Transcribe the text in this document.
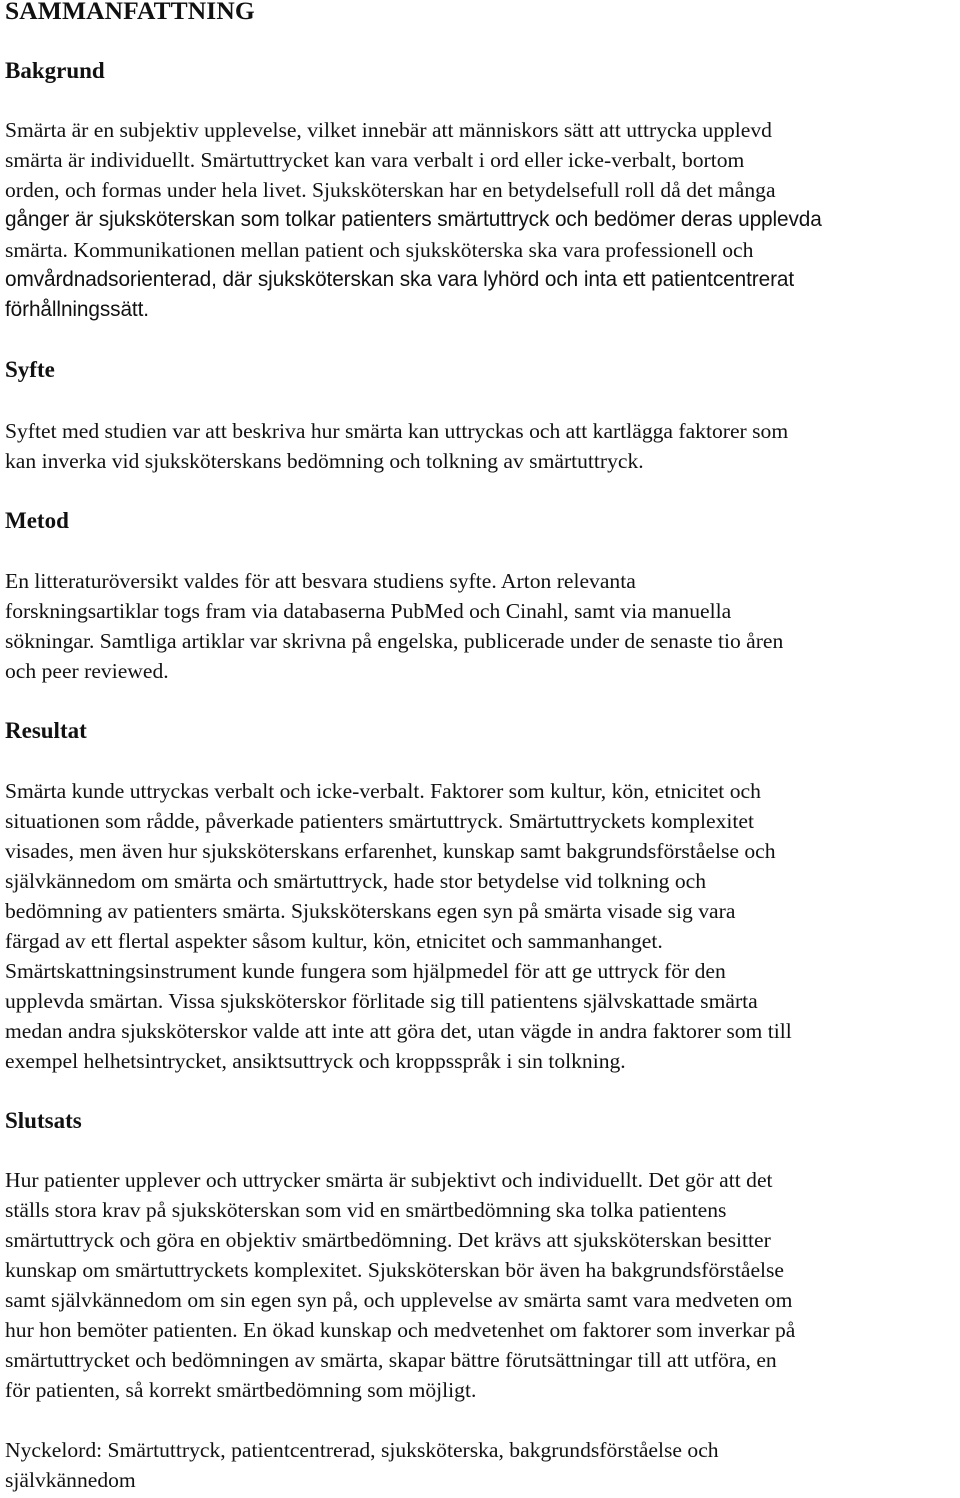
SAMMANFATTNING
Bakgrund
Smärta är en subjektiv upplevelse, vilket innebär att människors sätt att uttrycka upplevd
smärta är individuellt. Smärtuttrycket kan vara verbalt i ord eller icke-verbalt, bortom
orden, och formas under hela livet. Sjuksköterskan har en betydelsefull roll då det många
gånger är sjuksköterskan som tolkar patienters smärtuttryck och bedömer deras upplevda
smärta. Kommunikationen mellan patient och sjuksköterska ska vara professionell och
omvårdnadsorienterad, där sjuksköterskan ska vara lyhörd och inta ett patientcentrerat
förhållningssätt.
Syfte
Syftet med studien var att beskriva hur smärta kan uttryckas och att kartlägga faktorer som
kan inverka vid sjuksköterskans bedömning och tolkning av smärtuttryck.
Metod
En litteraturöversikt valdes för att besvara studiens syfte. Arton relevanta
forskningsartiklar togs fram via databaserna PubMed och Cinahl, samt via manuella
sökningar. Samtliga artiklar var skrivna på engelska, publicerade under de senaste tio åren
och peer reviewed.
Resultat
Smärta kunde uttryckas verbalt och icke-verbalt. Faktorer som kultur, kön, etnicitet och
situationen som rådde, påverkade patienters smärtuttryck. Smärtuttryckets komplexitet
visades, men även hur sjuksköterskans erfarenhet, kunskap samt bakgrundsförståelse och
självkännedom om smärta och smärtuttryck, hade stor betydelse vid tolkning och
bedömning av patienters smärta. Sjuksköterskans egen syn på smärta visade sig vara
färgad av ett flertal aspekter såsom kultur, kön, etnicitet och sammanhanget.
Smärtskattningsinstrument kunde fungera som hjälpmedel för att ge uttryck för den
upplevda smärtan. Vissa sjuksköterskor förlitade sig till patientens självskattade smärta
medan andra sjuksköterskor valde att inte att göra det, utan vägde in andra faktorer som till
exempel helhetsintrycket, ansiktsuttryck och kroppsspråk i sin tolkning.
Slutsats
Hur patienter upplever och uttrycker smärta är subjektivt och individuellt. Det gör att det
ställs stora krav på sjuksköterskan som vid en smärtbedömning ska tolka patientens
smärtuttryck och göra en objektiv smärtbedömning. Det krävs att sjuksköterskan besitter
kunskap om smärtuttryckets komplexitet. Sjuksköterskan bör även ha bakgrundsförståelse
samt självkännedom om sin egen syn på, och upplevelse av smärta samt vara medveten om
hur hon bemöter patienten. En ökad kunskap och medvetenhet om faktorer som inverkar på
smärtuttrycket och bedömningen av smärta, skapar bättre förutsättningar till att utföra, en
för patienten, så korrekt smärtbedömning som möjligt.
Nyckelord: Smärtuttryck, patientcentrerad, sjuksköterska, bakgrundsförståelse och
självkännedom
